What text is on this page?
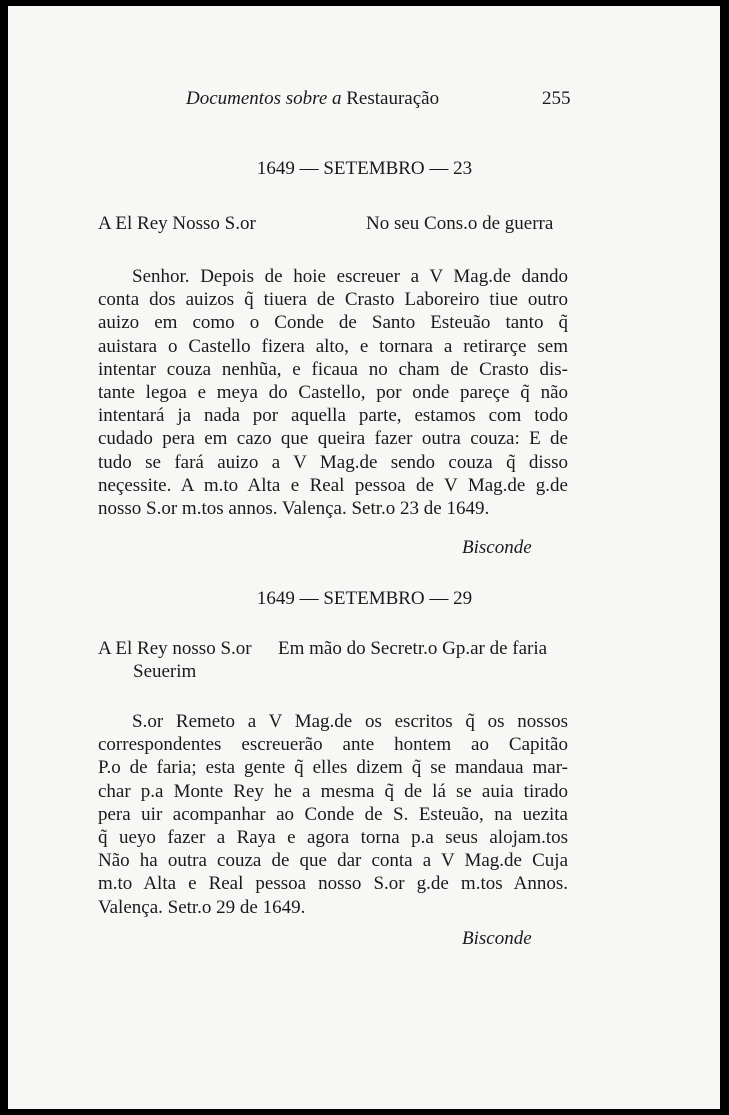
Documentos sobre a Restauração	255
1649 — SETEMBRO — 23
A El Rey Nosso S.or	No seu Cons.o de guerra
Senhor. Depois de hoie escreuer a V Mag.de dando
conta dos auizos q̃ tiuera de Crasto Laboreiro tiue outro
auizo em como o Conde de Santo Esteuão tanto q̃
auistara o Castello fizera alto, e tornara a retirarçe sem
intentar couza nenhũa, e ficaua no cham de Crasto dis-
tante legoa e meya do Castello, por onde pareçe q̃ não
intentará ja nada por aquella parte, estamos com todo
cudado pera em cazo que queira fazer outra couza: E de
tudo se fará auizo a V Mag.de sendo couza q̃ disso
neçessite. A m.to Alta e Real pessoa de V Mag.de g.de
nosso S.or m.tos annos. Valença. Setr.o 23 de 1649.
Bisconde
1649 — SETEMBRO — 29
A El Rey nosso S.or Em mão do Secretr.o Gp.ar de faria
Seuerim
S.or Remeto a V Mag.de os escritos q̃ os nossos
correspondentes escreuerão ante hontem ao Capitão
P.o de faria; esta gente q̃ elles dizem q̃ se mandaua mar-
char p.a Monte Rey he a mesma q̃ de lá se auia tirado
pera uir acompanhar ao Conde de S. Esteuão, na uezita
q̃ ueyo fazer a Raya e agora torna p.a seus alojam.tos
Não ha outra couza de que dar conta a V Mag.de Cuja
m.to Alta e Real pessoa nosso S.or g.de m.tos Annos.
Valença. Setr.o 29 de 1649.
Bisconde
